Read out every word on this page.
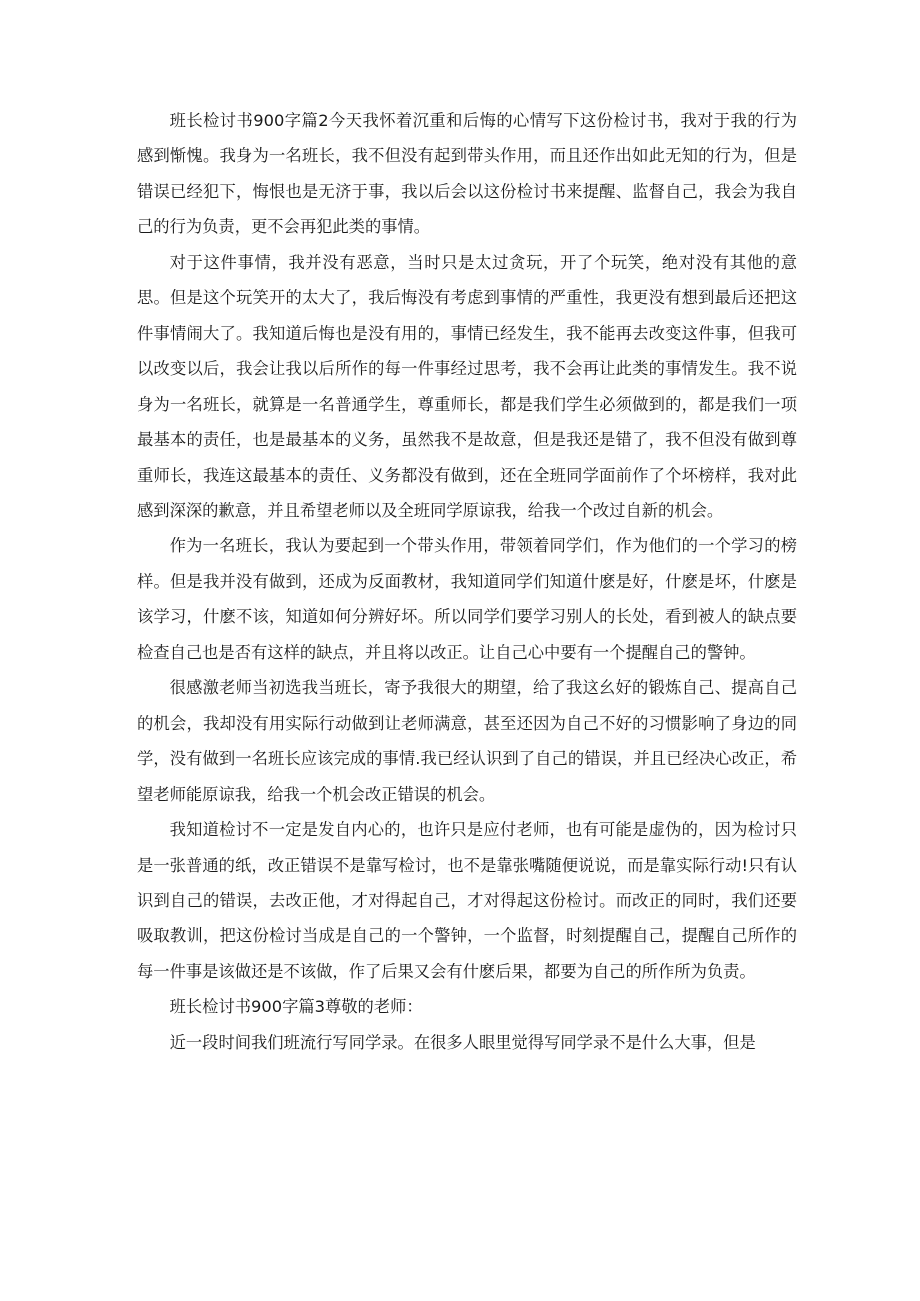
班长检讨书900字篇2今天我怀着沉重和后悔的心情写下这份检讨书，我对于我的行为感到惭愧。我身为一名班长，我不但没有起到带头作用，而且还作出如此无知的行为，但是错误已经犯下，悔恨也是无济于事，我以后会以这份检讨书来提醒、监督自己，我会为我自己的行为负责，更不会再犯此类的事情。

对于这件事情，我并没有恶意，当时只是太过贪玩，开了个玩笑，绝对没有其他的意思。但是这个玩笑开的太大了，我后悔没有考虑到事情的严重性，我更没有想到最后还把这件事情闹大了。我知道后悔也是没有用的，事情已经发生，我不能再去改变这件事，但我可以改变以后，我会让我以后所作的每一件事经过思考，我不会再让此类的事情发生。我不说身为一名班长，就算是一名普通学生，尊重师长，都是我们学生必须做到的，都是我们一项最基本的责任，也是最基本的义务，虽然我不是故意，但是我还是错了，我不但没有做到尊重师长，我连这最基本的责任、义务都没有做到，还在全班同学面前作了个坏榜样，我对此感到深深的歉意，并且希望老师以及全班同学原谅我，给我一个改过自新的机会。

作为一名班长，我认为要起到一个带头作用，带领着同学们，作为他们的一个学习的榜样。但是我并没有做到，还成为反面教材，我知道同学们知道什麽是好，什麽是坏，什麽是该学习，什麽不该，知道如何分辨好坏。所以同学们要学习别人的长处，看到被人的缺点要检查自己也是否有这样的缺点，并且将以改正。让自己心中要有一个提醒自己的警钟。

很感激老师当初选我当班长，寄予我很大的期望，给了我这幺好的锻炼自己、提高自己的机会，我却没有用实际行动做到让老师满意，甚至还因为自己不好的习惯影响了身边的同学，没有做到一名班长应该完成的事情.我已经认识到了自己的错误，并且已经决心改正，希望老师能原谅我，给我一个机会改正错误的机会。

我知道检讨不一定是发自内心的，也许只是应付老师，也有可能是虚伪的，因为检讨只是一张普通的纸，改正错误不是靠写检讨，也不是靠张嘴随便说说，而是靠实际行动!只有认识到自己的错误，去改正他，才对得起自己，才对得起这份检讨。而改正的同时，我们还要吸取教训，把这份检讨当成是自己的一个警钟，一个监督，时刻提醒自己，提醒自己所作的每一件事是该做还是不该做，作了后果又会有什麽后果，都要为自己的所作所为负责。

班长检讨书900字篇3尊敬的老师：

近一段时间我们班流行写同学录。在很多人眼里觉得写同学录不是什么大事，但是
